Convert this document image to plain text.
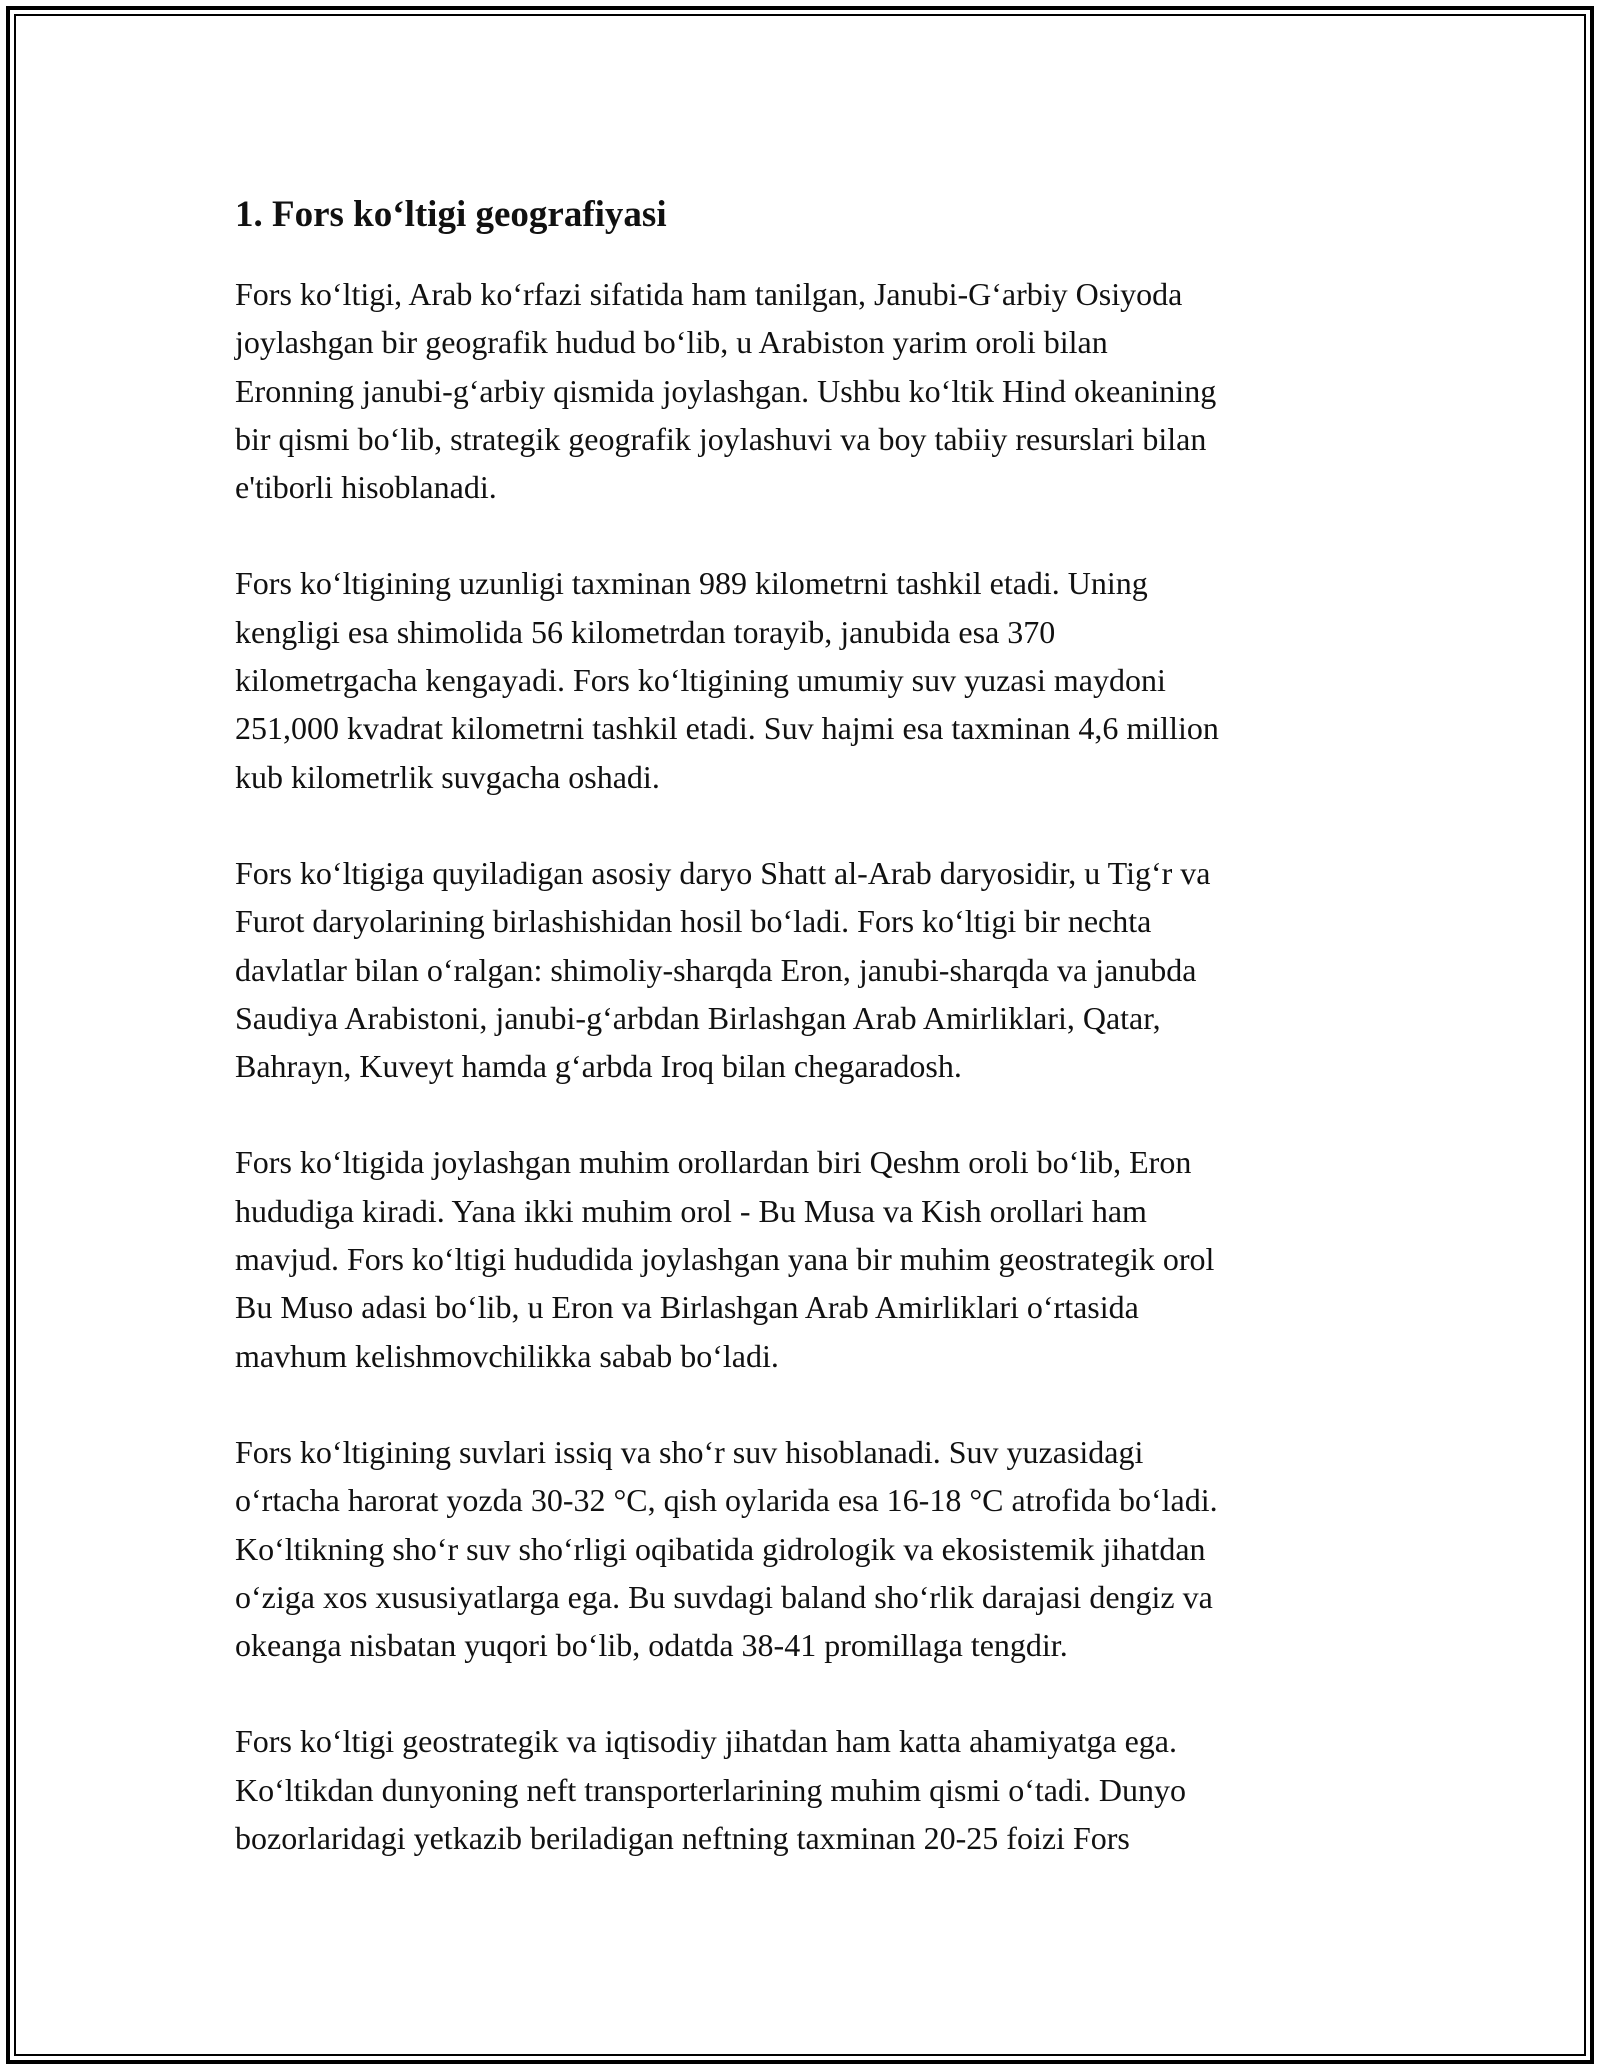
1. Fors ko‘ltigi geografiyasi

Fors ko‘ltigi, Arab ko‘rfazi sifatida ham tanilgan, Janubi-G‘arbiy Osiyoda
joylashgan bir geografik hudud bo‘lib, u Arabiston yarim oroli bilan
Eronning janubi-g‘arbiy qismida joylashgan. Ushbu ko‘ltik Hind okeanining
bir qismi bo‘lib, strategik geografik joylashuvi va boy tabiiy resurslari bilan
e'tiborli hisoblanadi.

Fors ko‘ltigining uzunligi taxminan 989 kilometrni tashkil etadi. Uning
kengligi esa shimolida 56 kilometrdan torayib, janubida esa 370
kilometrgacha kengayadi. Fors ko‘ltigining umumiy suv yuzasi maydoni
251,000 kvadrat kilometrni tashkil etadi. Suv hajmi esa taxminan 4,6 million
kub kilometrlik suvgacha oshadi.

Fors ko‘ltigiga quyiladigan asosiy daryo Shatt al-Arab daryosidir, u Tig‘r va
Furot daryolarining birlashishidan hosil bo‘ladi. Fors ko‘ltigi bir nechta
davlatlar bilan o‘ralgan: shimoliy-sharqda Eron, janubi-sharqda va janubda
Saudiya Arabistoni, janubi-g‘arbdan Birlashgan Arab Amirliklari, Qatar,
Bahrayn, Kuveyt hamda g‘arbda Iroq bilan chegaradosh.

Fors ko‘ltigida joylashgan muhim orollardan biri Qeshm oroli bo‘lib, Eron
hududiga kiradi. Yana ikki muhim orol - Bu Musa va Kish orollari ham
mavjud. Fors ko‘ltigi hududida joylashgan yana bir muhim geostrategik orol
Bu Muso adasi bo‘lib, u Eron va Birlashgan Arab Amirliklari o‘rtasida
mavhum kelishmovchilikka sabab bo‘ladi.

Fors ko‘ltigining suvlari issiq va sho‘r suv hisoblanadi. Suv yuzasidagi
o‘rtacha harorat yozda 30-32 °C, qish oylarida esa 16-18 °C atrofida bo‘ladi.
Ko‘ltikning sho‘r suv sho‘rligi oqibatida gidrologik va ekosistemik jihatdan
o‘ziga xos xususiyatlarga ega. Bu suvdagi baland sho‘rlik darajasi dengiz va
okeanga nisbatan yuqori bo‘lib, odatda 38-41 promillaga tengdir.

Fors ko‘ltigi geostrategik va iqtisodiy jihatdan ham katta ahamiyatga ega.
Ko‘ltikdan dunyoning neft transporterlarining muhim qismi o‘tadi. Dunyo
bozorlaridagi yetkazib beriladigan neftning taxminan 20-25 foizi Fors
